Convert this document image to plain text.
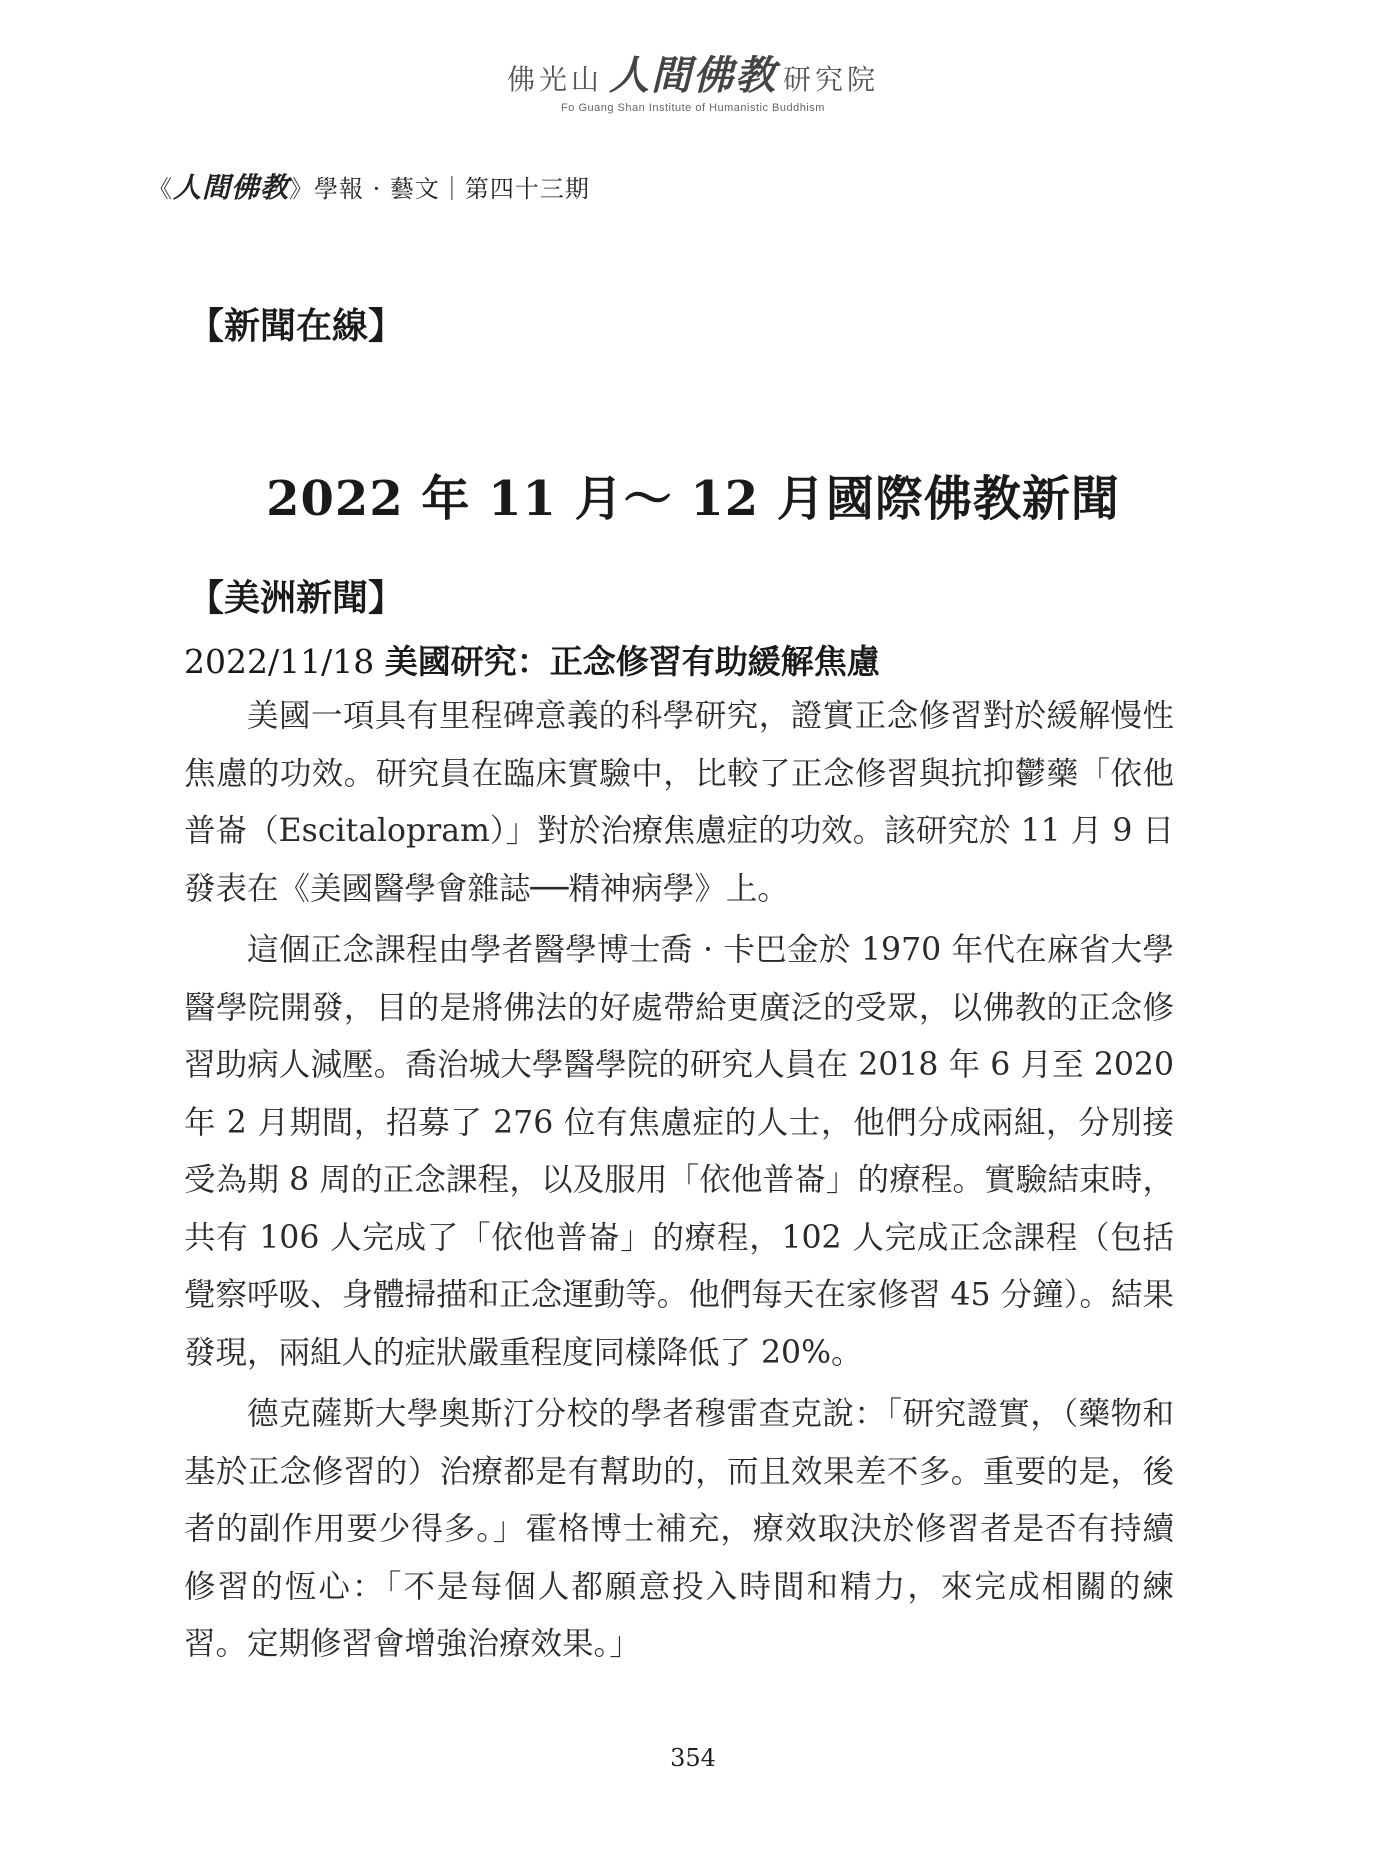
佛光山 人間佛教 研究院
Fo Guang Shan Institute of Humanistic Buddhism
《人間佛教》學報 · 藝文｜第四十三期
【新聞在線】
2022 年 11 月～ 12 月國際佛教新聞
【美洲新聞】
2022/11/18 美國研究：正念修習有助緩解焦慮

美國一項具有里程碑意義的科學研究，證實正念修習對於緩解慢性焦慮的功效。研究員在臨床實驗中，比較了正念修習與抗抑鬱藥「依他普崙（Escitalopram）」對於治療焦慮症的功效。該研究於 11 月 9 日發表在《美國醫學會雜誌──精神病學》上。

這個正念課程由學者醫學博士喬 · 卡巴金於 1970 年代在麻省大學醫學院開發，目的是將佛法的好處帶給更廣泛的受眾，以佛教的正念修習助病人減壓。喬治城大學醫學院的研究人員在 2018 年 6 月至 2020 年 2 月期間，招募了 276 位有焦慮症的人士，他們分成兩組，分別接受為期 8 周的正念課程，以及服用「依他普崙」的療程。實驗結束時，共有 106 人完成了「依他普崙」的療程，102 人完成正念課程（包括覺察呼吸、身體掃描和正念運動等。他們每天在家修習 45 分鐘）。結果發現，兩組人的症狀嚴重程度同樣降低了 20%。

德克薩斯大學奧斯汀分校的學者穆雷查克說：「研究證實，（藥物和基於正念修習的）治療都是有幫助的，而且效果差不多。重要的是，後者的副作用要少得多。」霍格博士補充，療效取決於修習者是否有持續修習的恆心：「不是每個人都願意投入時間和精力，來完成相關的練習。定期修習會增強治療效果。」

354
